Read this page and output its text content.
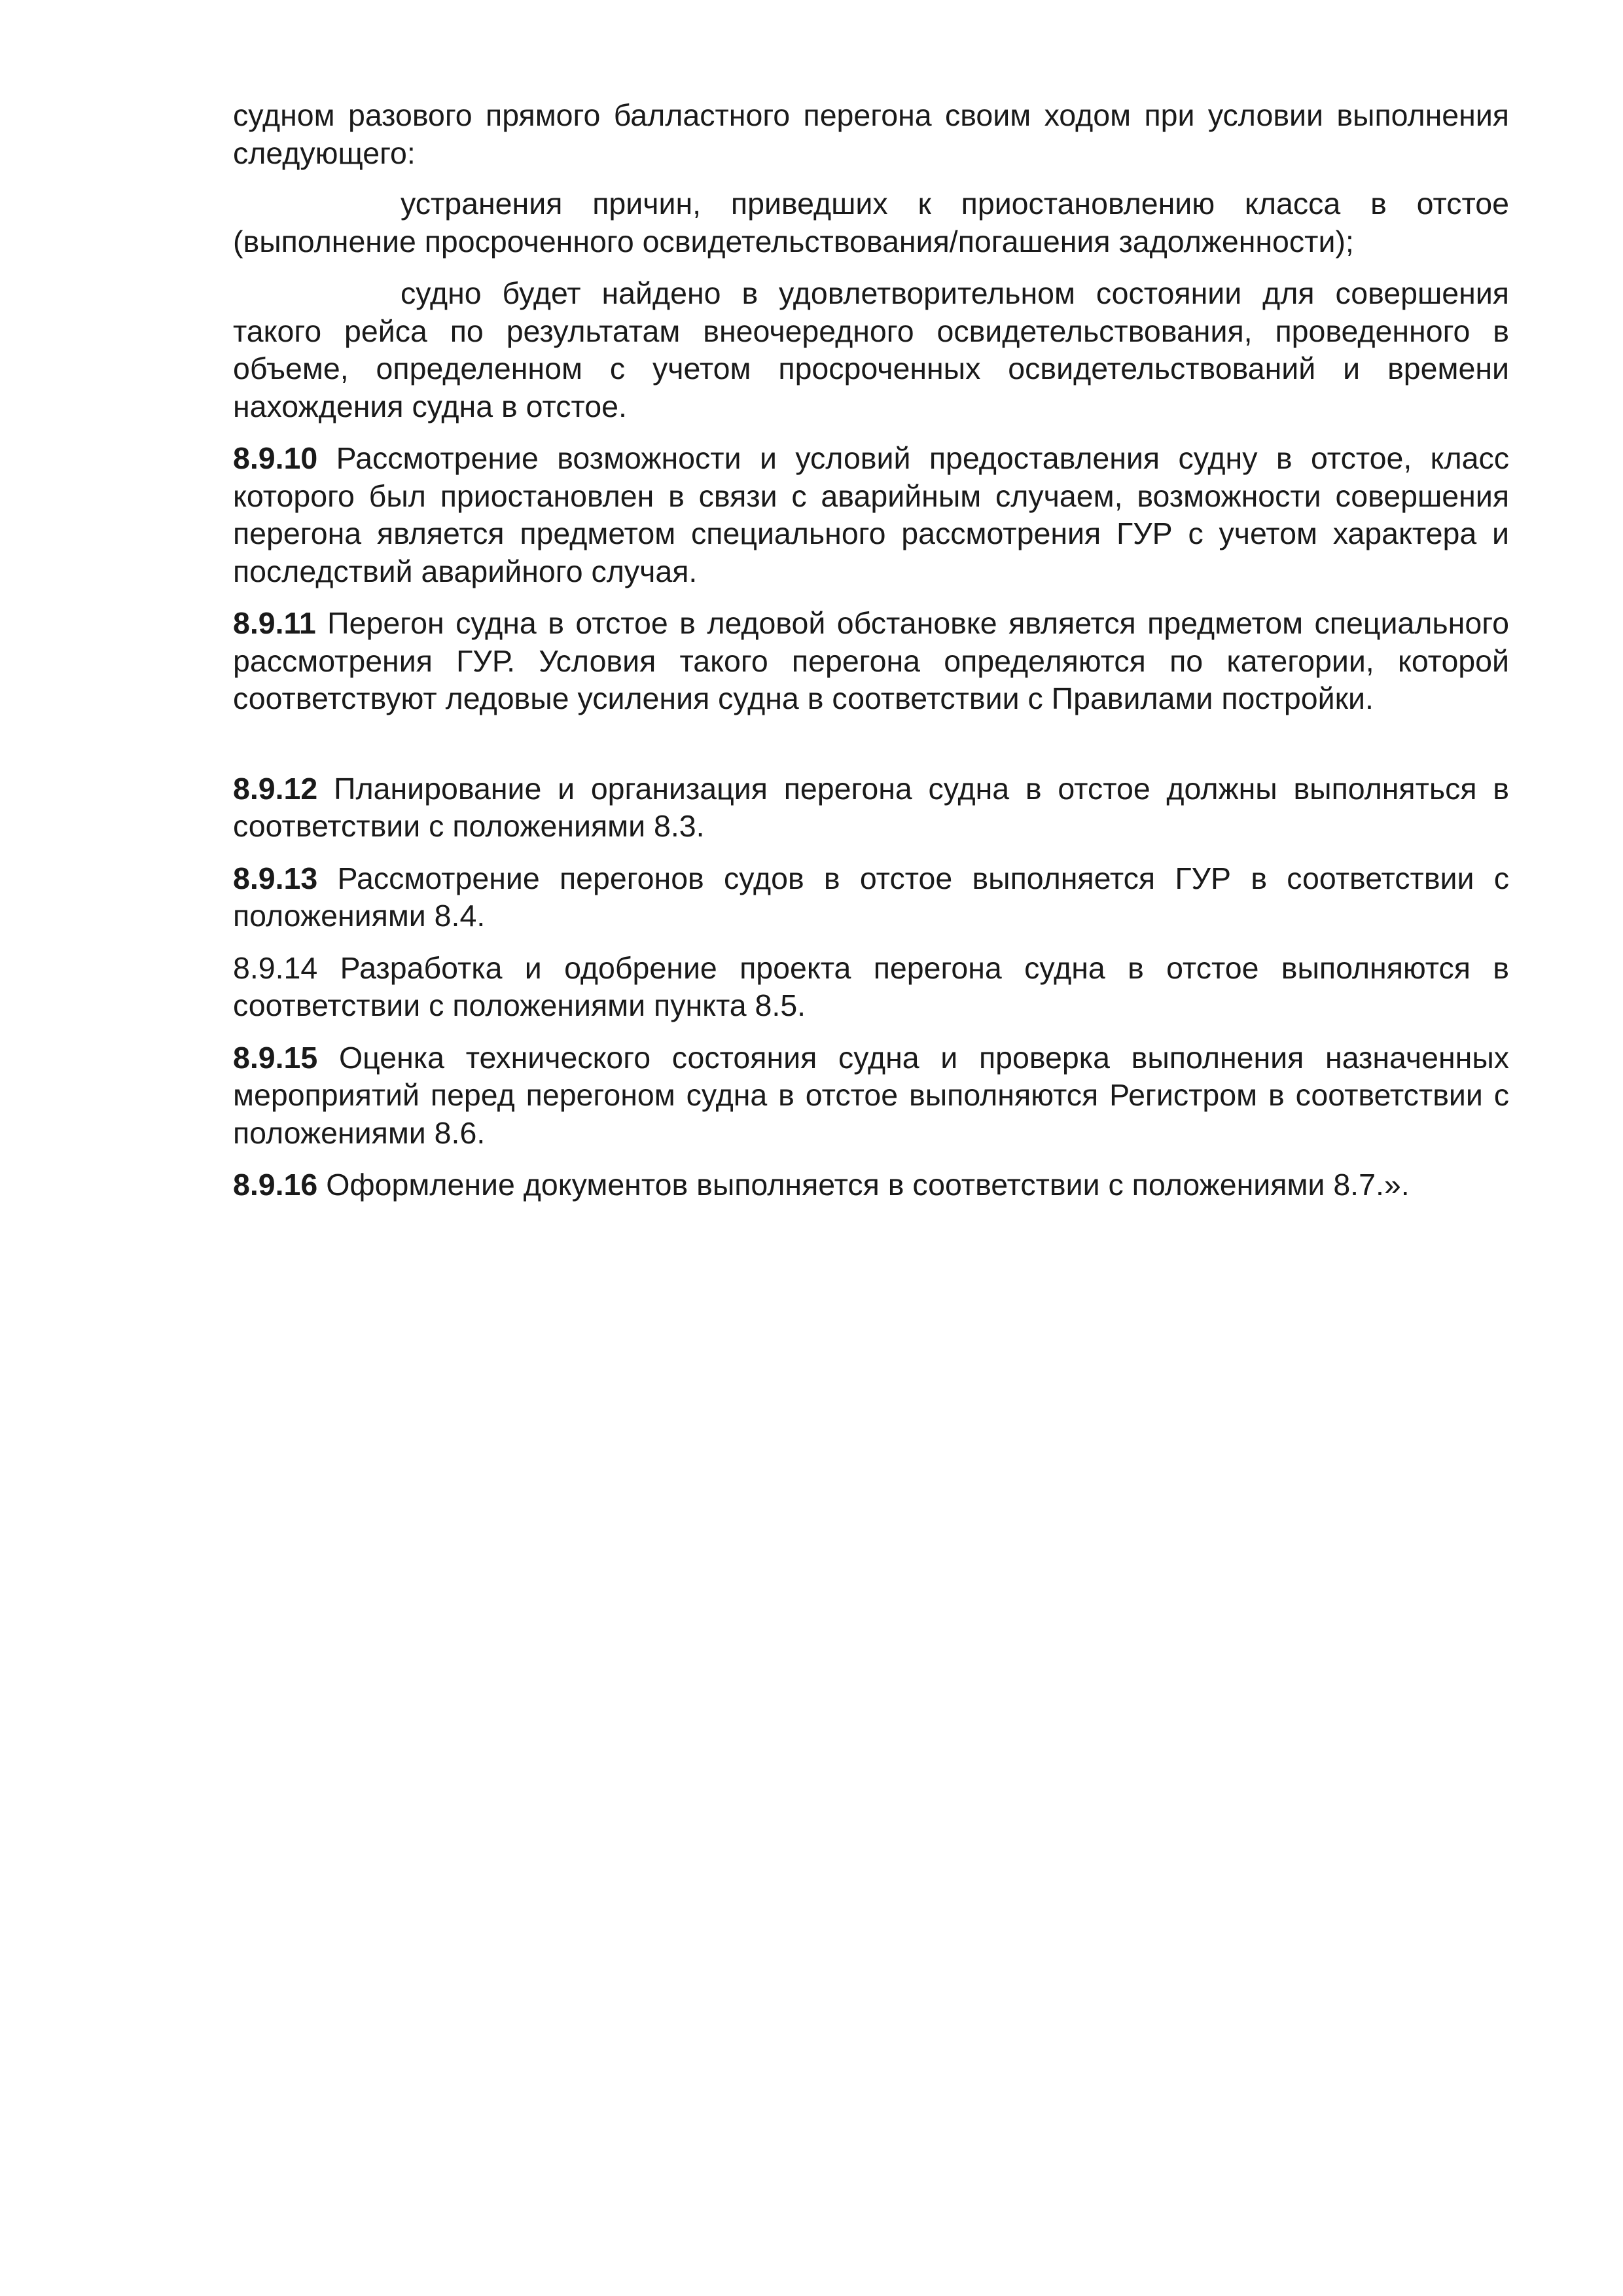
судном разового прямого балластного перегона своим ходом при условии выполнения следующего:

устранения причин, приведших к приостановлению класса в отстое (выполнение просроченного освидетельствования/погашения задолженности);

судно будет найдено в удовлетворительном состоянии для совершения такого рейса по результатам внеочередного освидетельствования, проведенного в объеме, определенном с учетом просроченных освидетельствований и времени нахождения судна в отстое.

8.9.10 Рассмотрение возможности и условий предоставления судну в отстое, класс которого был приостановлен в связи с аварийным случаем, возможности совершения перегона является предметом специального рассмотрения ГУР с учетом характера и последствий аварийного случая.

8.9.11 Перегон судна в отстое в ледовой обстановке является предметом специального рассмотрения ГУР. Условия такого перегона определяются по категории, которой соответствуют ледовые усиления судна в соответствии с Правилами постройки.

8.9.12 Планирование и организация перегона судна в отстое должны выполняться в соответствии с положениями 8.3.

8.9.13 Рассмотрение перегонов судов в отстое выполняется ГУР в соответствии с положениями 8.4.

8.9.14 Разработка и одобрение проекта перегона судна в отстое выполняются в соответствии с положениями пункта 8.5.

8.9.15 Оценка технического состояния судна и проверка выполнения назначенных мероприятий перед перегоном судна в отстое выполняются Регистром в соответствии с положениями 8.6.

8.9.16 Оформление документов выполняется в соответствии с положениями 8.7.».
